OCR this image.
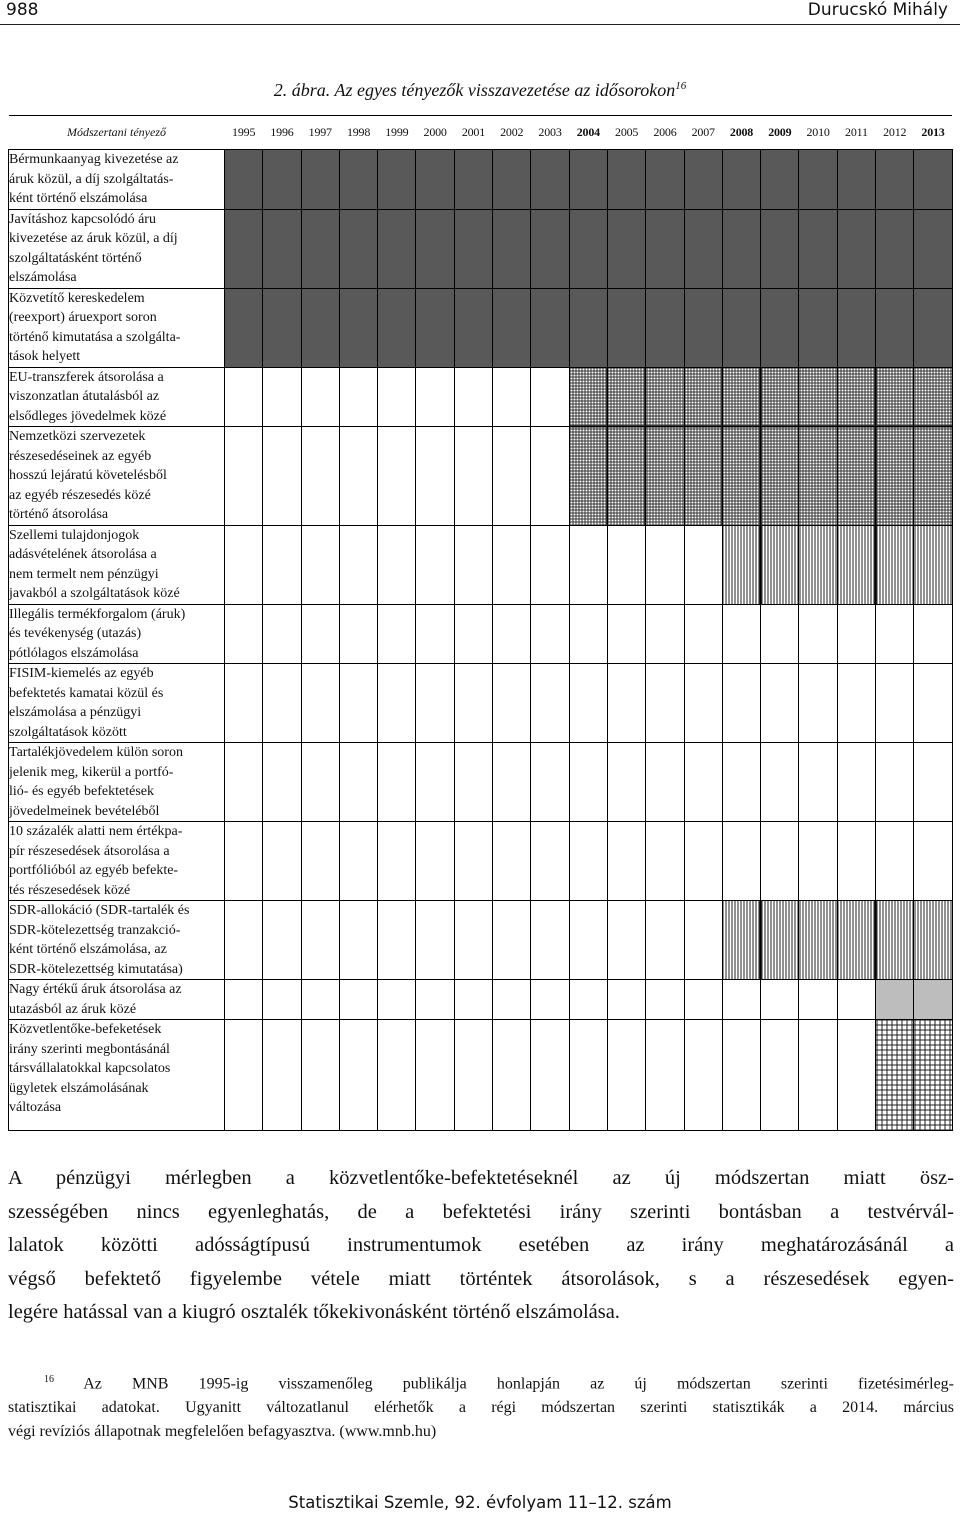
988	Durucskó Mihály
2. ábra. Az egyes tényezők visszavezetése az idősorokon$^{16}$
Módszertani tényező	1995	1996	1997	1998	1999	2000	2001	2002	2003	2004	2005	2006	2007	2008	2009	2010	2011	2012	2013

Bérmunkaanyag kivezetése az
áruk közül, a díj szolgáltatás-
ként történő elszámolása																			

Javításhoz kapcsolódó áru
kivezetése az áruk közül, a díj
szolgáltatásként történő
elszámolása																			

Közvetítő kereskedelem
(reexport) áruexport soron
történő kimutatása a szolgálta-
tások helyett																			

EU-transzferek átsorolása a
viszonzatlan átutalásból az
elsődleges jövedelmek közé																			

Nemzetközi szervezetek
részesedéseinek az egyéb
hosszú lejáratú követelésből
az egyéb részesedés közé
történő átsorolása																			

Szellemi tulajdonjogok
adásvételének átsorolása a
nem termelt nem pénzügyi
javakból a szolgáltatások közé																			

Illegális termékforgalom (áruk)
és tevékenység (utazás)
pótlólagos elszámolása																			

FISIM-kiemelés az egyéb
befektetés kamatai közül és
elszámolása a pénzügyi
szolgáltatások között																			

Tartalékjövedelem külön soron
jelenik meg, kikerül a portfó-
lió- és egyéb befektetések
jövedelmeinek bevételéből																			

10 százalék alatti nem értékpa-
pír részesedések átsorolása a
portfólióból az egyéb befekte-
tés részesedések közé																			

SDR-allokáció (SDR-tartalék és
SDR-kötelezettség tranzakció-
ként történő elszámolása, az
SDR-kötelezettség kimutatása)																			

Nagy értékű áruk átsorolása az
utazásból az áruk közé																			

Közvetlentőke-befeketések
irány szerinti megbontásánál
társvállalatokkal kapcsolatos
ügyletek elszámolásának
változása																			

A pénzügyi mérlegben a közvetlentőke-befektetéseknél az új módszertan miatt ösz-
szességében nincs egyenleghatás, de a befektetési irány szerinti bontásban a testvérvál-
lalatok közötti adósságtípusú instrumentumok esetében az irány meghatározásánál a
végső befektető figyelembe vétele miatt történtek átsorolások, s a részesedések egyen-
legére hatással van a kiugró osztalék tőkekivonásként történő elszámolása.
$^{16}$ Az MNB 1995-ig visszamenőleg publikálja honlapján az új módszertan szerinti fizetésimérleg-
statisztikai adatokat. Ugyanitt változatlanul elérhetők a régi módszertan szerinti statisztikák a 2014. március
végi revíziós állapotnak megfelelően befagyasztva. (www.mnb.hu)
Statisztikai Szemle, 92. évfolyam 11–12. szám
